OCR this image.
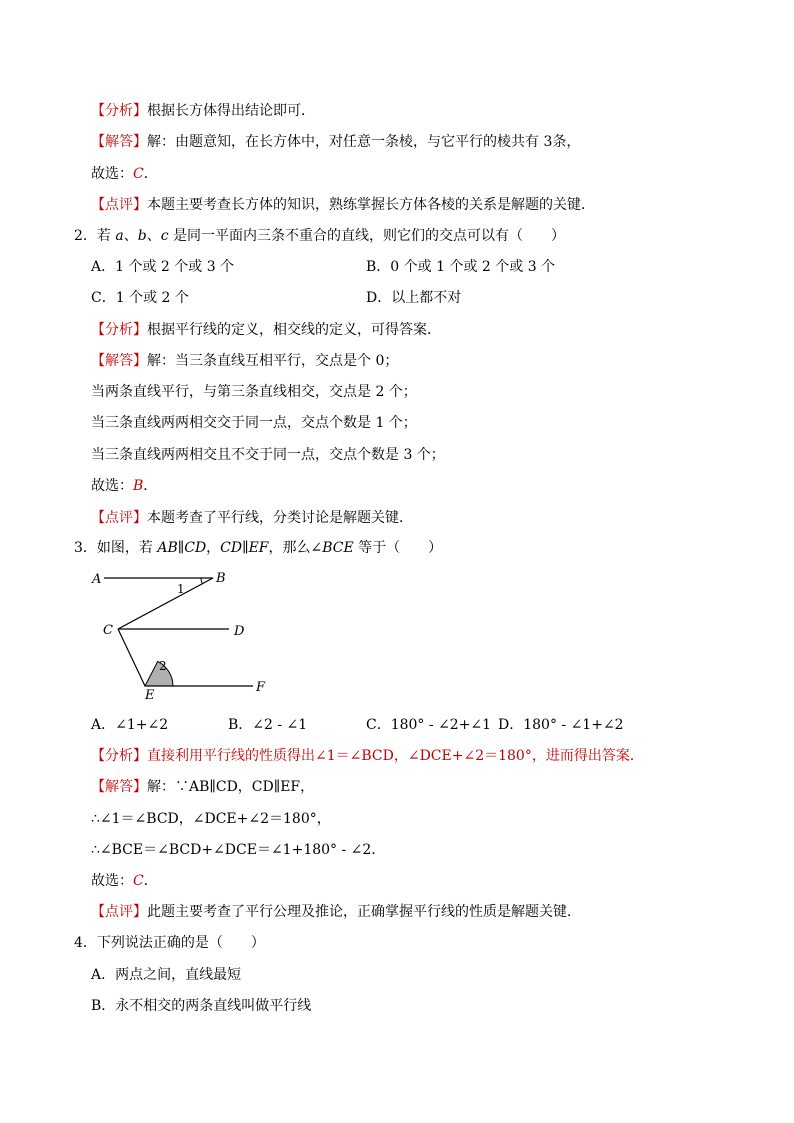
【分析】根据长方体得出结论即可．
【解答】解：由题意知，在长方体中，对任意一条棱，与它平行的棱共有 3条，
故选：C．
【点评】本题主要考查长方体的知识，熟练掌握长方体各棱的关系是解题的关键．
2．若 a、b、c 是同一平面内三条不重合的直线，则它们的交点可以有（　　）
A．1 个或 2 个或 3 个	B．0 个或 1 个或 2 个或 3 个
C．1 个或 2 个	D．以上都不对
【分析】根据平行线的定义，相交线的定义，可得答案．
【解答】解：当三条直线互相平行，交点是个 0；
当两条直线平行，与第三条直线相交，交点是 2 个；
当三条直线两两相交交于同一点，交点个数是 1 个；
当三条直线两两相交且不交于同一点，交点个数是 3 个；
故选：B．
【点评】本题考查了平行线，分类讨论是解题关键．
3．如图，若 AB∥CD，CD∥EF，那么∠BCE 等于（　　）
A	B
1
C	D
2
E
F
A．∠1+∠2	B．∠2 - ∠1	C．180° - ∠2+∠1 D．180° - ∠1+∠2
【分析】直接利用平行线的性质得出∠1＝∠BCD，∠DCE+∠2＝180°，进而得出答案．
【解答】解：∵AB∥CD，CD∥EF，
∴∠1＝∠BCD，∠DCE+∠2＝180°，
∴∠BCE＝∠BCD+∠DCE＝∠1+180° - ∠2．
故选：C．
【点评】此题主要考查了平行公理及推论，正确掌握平行线的性质是解题关键．
4．下列说法正确的是（　　）
A．两点之间，直线最短
B．永不相交的两条直线叫做平行线
